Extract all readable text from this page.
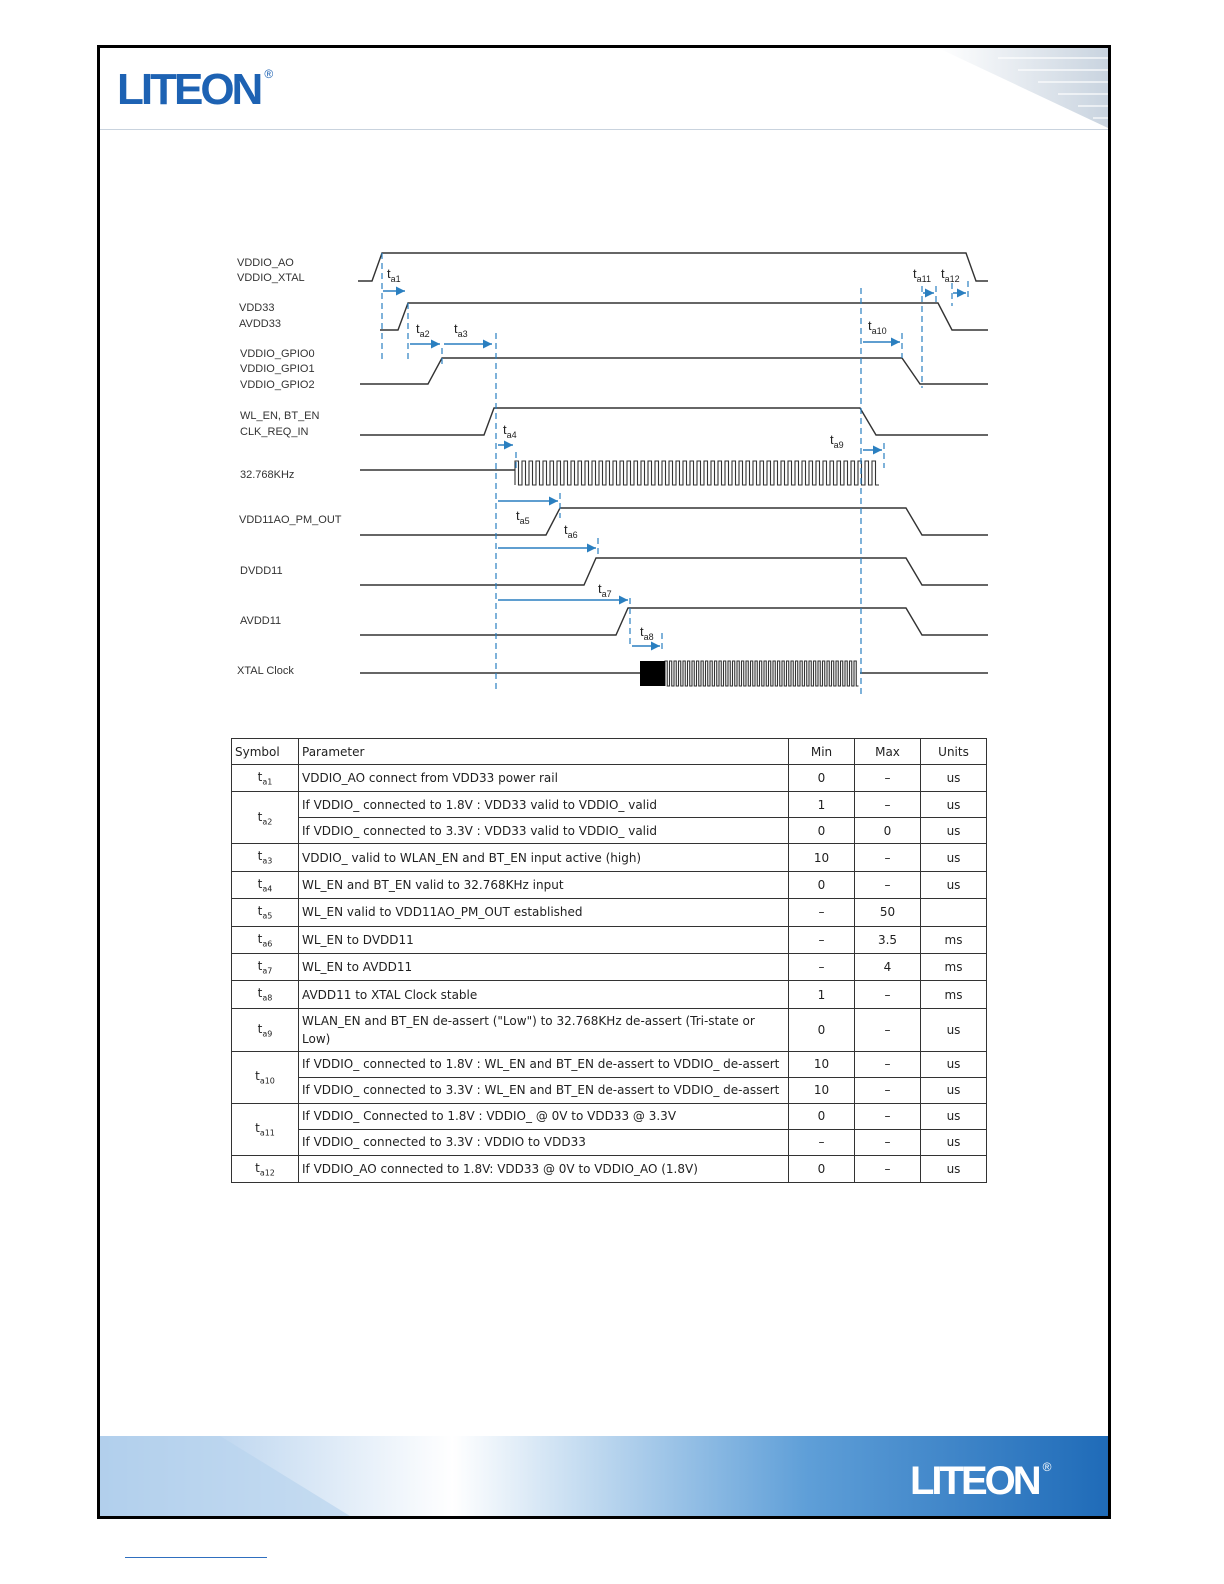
LITEON ®
VDDIO_AO
VDDIO_XTAL
VDD33
AVDD33
VDDIO_GPIO0
VDDIO_GPIO1
VDDIO_GPIO2
WL_EN, BT_EN
CLK_REQ_IN
32.768KHz
VDD11AO_PM_OUT
DVDD11
AVDD11
XTAL Clock
$t_{a1}$
$t_{a2}$ $t_{a3}$
$t_{a4}$
$t_{a5}$
$t_{a6}$
$t_{a7}$
$t_{a8}$
$t_{a9}$
$t_{a10}$
$t_{a11}$ $t_{a12}$
Symbol	Parameter	Min	Max	Units
$t_{a1}$	VDDIO_AO connect from VDD33 power rail	0	–	us
$t_{a2}$	If VDDIO_ connected to 1.8V : VDD33 valid to VDDIO_ valid	1	–	us
	If VDDIO_ connected to 3.3V : VDD33 valid to VDDIO_ valid	0	0	us
$t_{a3}$	VDDIO_ valid to WLAN_EN and BT_EN input active (high)	10	–	us
$t_{a4}$	WL_EN and BT_EN valid to 32.768KHz input	0	–	us
$t_{a5}$	WL_EN valid to VDD11AO_PM_OUT established	–	50	
$t_{a6}$	WL_EN to DVDD11	–	3.5	ms
$t_{a7}$	WL_EN to AVDD11	–	4	ms
$t_{a8}$	AVDD11 to XTAL Clock stable	1	–	ms
$t_{a9}$	WLAN_EN and BT_EN de-assert ("Low") to 32.768KHz de-assert (Tri-state or Low)	0	–	us
$t_{a10}$	If VDDIO_ connected to 1.8V : WL_EN and BT_EN de-assert to VDDIO_ de-assert	10	–	us
	If VDDIO_ connected to 3.3V : WL_EN and BT_EN de-assert to VDDIO_ de-assert	10	–	us
$t_{a11}$	If VDDIO_ Connected to 1.8V : VDDIO_ @ 0V to VDD33 @ 3.3V	0	–	us
	If VDDIO_ connected to 3.3V : VDDIO to VDD33	–	–	us
$t_{a12}$	If VDDIO_AO connected to 1.8V: VDD33 @ 0V to VDDIO_AO (1.8V)	0	–	us
LITEON ®
